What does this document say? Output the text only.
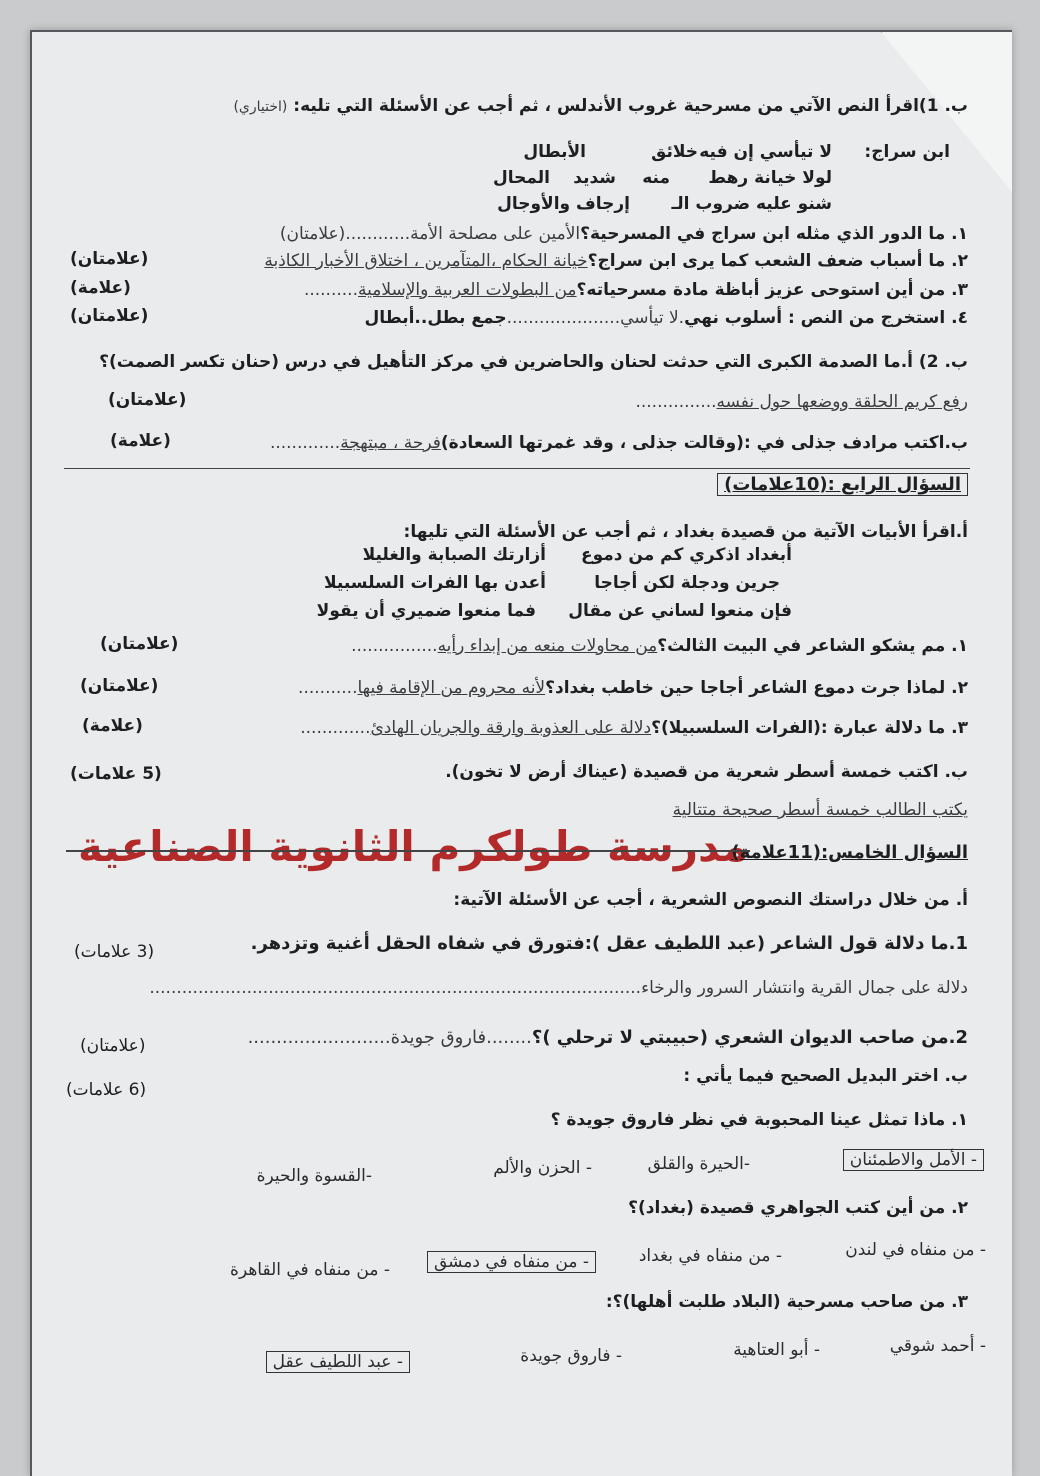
ب. 1)اقرأ النص الآتي من مسرحية غروب الأندلس ، ثم أجب عن الأسئلة التي تليه: (اختياري)
ابن سراج:
لا تيأسي إن فيه
خلائق
الأبطال
لولا خيانة رهط
منه
شديد
المحال
شنو عليه ضروب الـ
إرجاف والأوجال
١. ما الدور الذي مثله ابن سراج في المسرحية؟الأمين على مصلحة الأمة............(علامتان)
٢. ما أسباب ضعف الشعب كما يرى ابن سراج؟خيانة الحكام ،المتآمرين ، اختلاق الأخبار الكاذبة
(علامتان)
٣. من أين استوحى عزيز أباظة مادة مسرحياته؟من البطولات العربية والإسلامية..........
(علامة)
٤. استخرج من النص : أسلوب نهي.لا تيأسي.....................جمع بطل..أبطال
(علامتان)
ب. 2) أ.ما الصدمة الكبرى التي حدثت لحنان والحاضرين في مركز التأهيل في درس (حنان تكسر الصمت)؟
رفع كريم الحلقة ووضعها حول نفسه...............
(علامتان)
ب.اكتب مرادف جذلى في :(وقالت جذلى ، وقد غمرتها السعادة)فرحة ، مبتهجة.............
(علامة)
السؤال الرابع :(10علامات)
أ.اقرأ الأبيات الآتية من قصيدة بغداد ، ثم أجب عن الأسئلة التي تليها:
أبغداد اذكري كم من دموع
أزارتك الصبابة والغليلا
جرين ودجلة لكن أجاجا
أعدن بها الفرات السلسبيلا
فإن منعوا لساني عن مقال
فما منعوا ضميري أن يقولا
١. مم يشكو الشاعر في البيت الثالث؟من محاولات منعه من إبداء رأيه................
(علامتان)
٢. لماذا جرت دموع الشاعر أجاجا حين خاطب بغداد؟لأنه محروم من الإقامة فيها...........
(علامتان)
٣. ما دلالة عبارة :(الفرات السلسبيلا)؟دلالة على العذوبة وارقة والجريان الهادئ.............
(علامة)
ب. اكتب خمسة أسطر شعرية من قصيدة (عيناك أرض لا تخون).
(5 علامات)
يكتب الطالب خمسة أسطر صحيحة متتالية
مدرسة طولكرم الثانوية الصناعية
السؤال الخامس:(11علامة)
أ. من خلال دراستك النصوص الشعرية ، أجب عن الأسئلة الآتية:
1.ما دلالة قول الشاعر (عبد اللطيف عقل ):فتورق في شفاه الحقل أغنية وتزدهر.
(3 علامات)
دلالة على جمال القرية وانتشار السرور والرخاء...........................................................................................
2.من صاحب الديوان الشعري (حبيبتي لا ترحلي )؟........فاروق جويدة.........................
(علامتان)
ب. اختر البديل الصحيح فيما يأتي :
(6 علامات)
١. ماذا تمثل عينا المحبوبة في نظر فاروق جويدة ؟
- الأمل والاطمئنان
-الحيرة والقلق
- الحزن والألم
-القسوة والحيرة
٢. من أين كتب الجواهري قصيدة (بغداد)؟
- من منفاه في لندن
- من منفاه في بغداد
- من منفاه في دمشق
- من منفاه في القاهرة
٣. من صاحب مسرحية (البلاد طلبت أهلها)؟:
- أحمد شوقي
- أبو العتاهية
- فاروق جويدة
- عبد اللطيف عقل
